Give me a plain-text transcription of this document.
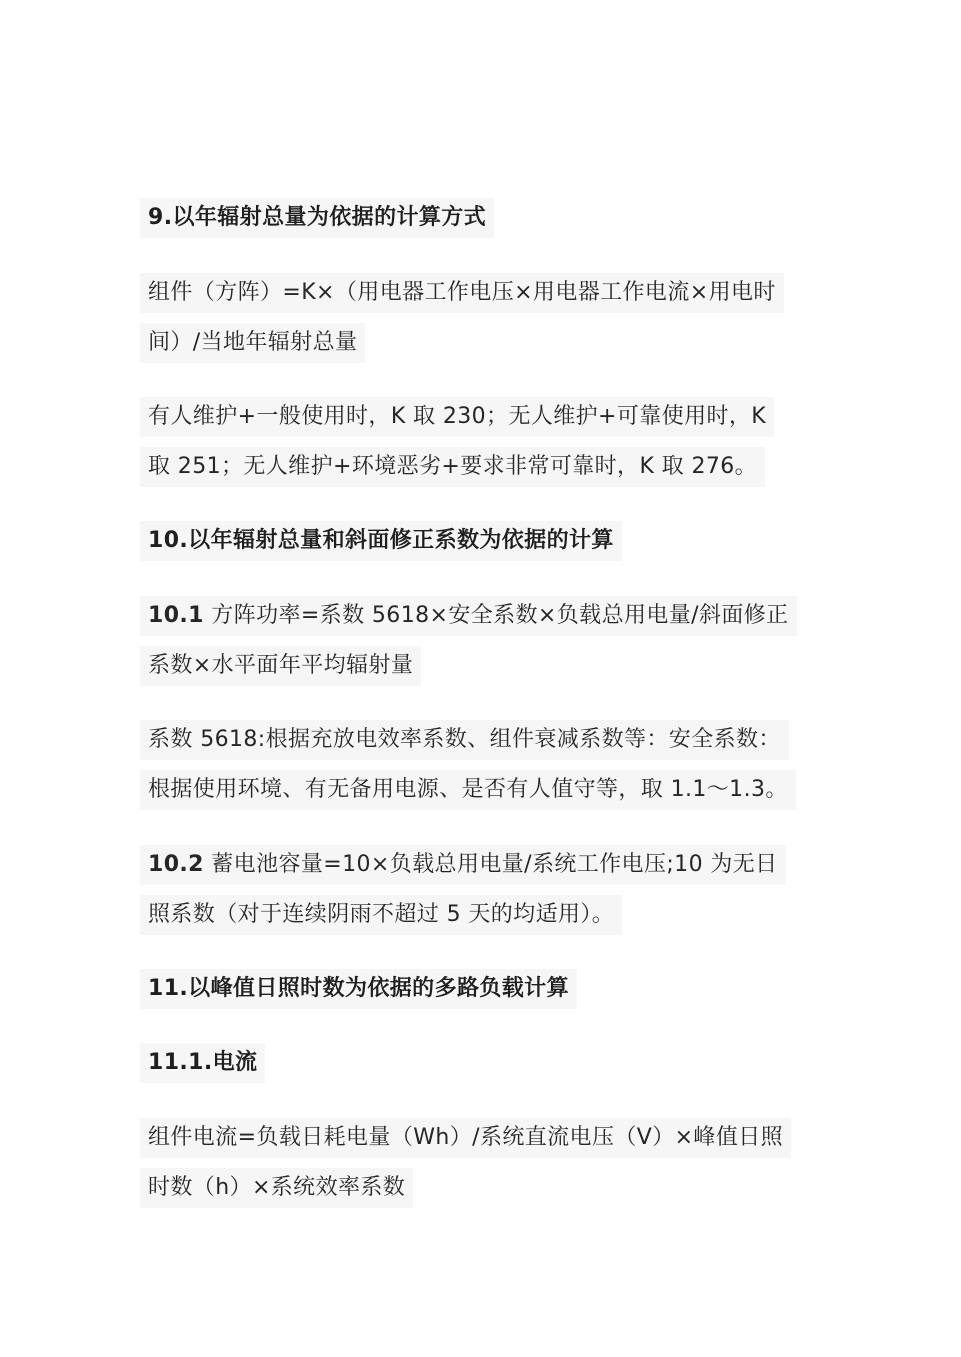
9.以年辐射总量为依据的计算方式
组件（方阵）=K×（用电器工作电压×用电器工作电流×用电时
间）/当地年辐射总量
有人维护+一般使用时，K 取 230；无人维护+可靠使用时，K
取 251；无人维护+环境恶劣+要求非常可靠时，K 取 276。
10.以年辐射总量和斜面修正系数为依据的计算
10.1 方阵功率=系数 5618×安全系数×负载总用电量/斜面修正
系数×水平面年平均辐射量
系数 5618:根据充放电效率系数、组件衰减系数等：安全系数：
根据使用环境、有无备用电源、是否有人值守等，取 1.1～1.3。
10.2 蓄电池容量=10×负载总用电量/系统工作电压;10 为无日
照系数（对于连续阴雨不超过 5 天的均适用）。
11.以峰值日照时数为依据的多路负载计算
11.1.电流
组件电流=负载日耗电量（Wh）/系统直流电压（V）×峰值日照
时数（h）×系统效率系数
